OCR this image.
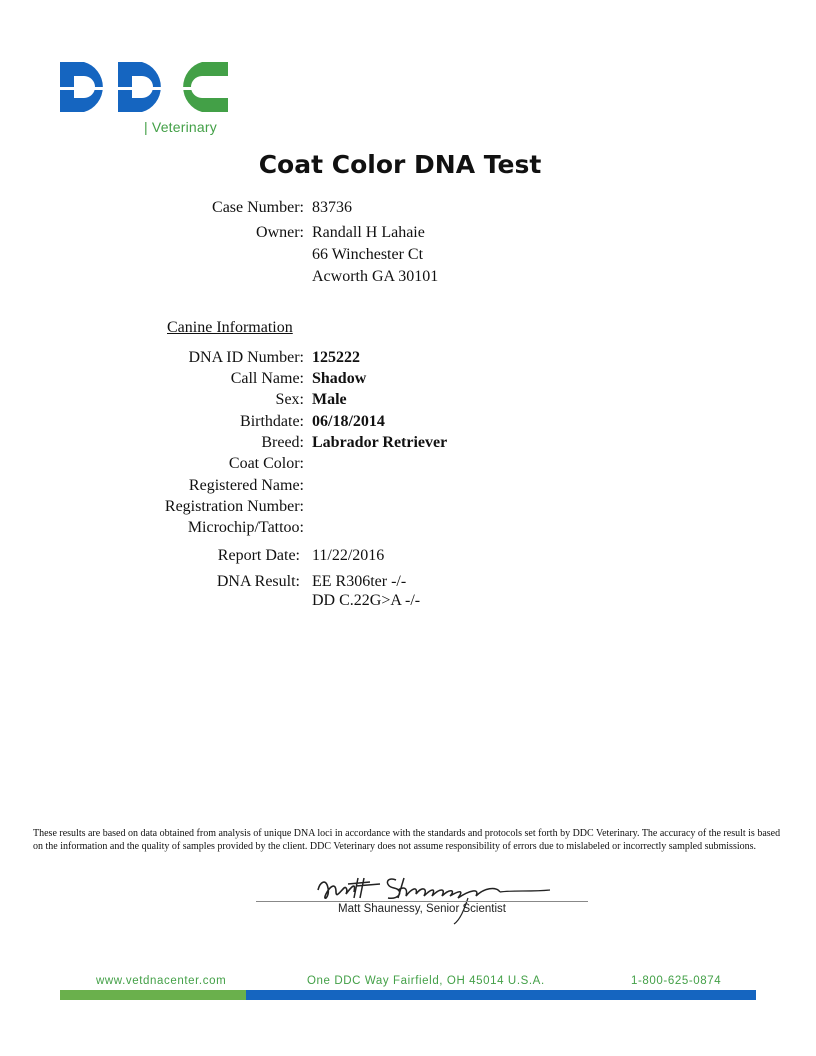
| Veterinary
Coat Color DNA Test
Case Number: 83736
Owner: Randall H Lahaie
66 Winchester Ct
Acworth GA 30101
Canine Information
DNA ID Number: 125222
Call Name: Shadow
Sex: Male
Birthdate: 06/18/2014
Breed: Labrador Retriever
Coat Color:
Registered Name:
Registration Number:
Microchip/Tattoo:
Report Date: 11/22/2016
DNA Result: EE R306ter -/-
DD C.22G>A -/-
These results are based on data obtained from analysis of unique DNA loci in accordance with the standards and protocols set forth by DDC Veterinary. The accuracy of the result is based on the information and the quality of samples provided by the client. DDC Veterinary does not assume responsibility of errors due to mislabeled or incorrectly sampled submissions.
Matt Shaunessy, Senior Scientist
www.vetdnacenter.com	One DDC Way Fairfield, OH 45014 U.S.A.	1-800-625-0874
